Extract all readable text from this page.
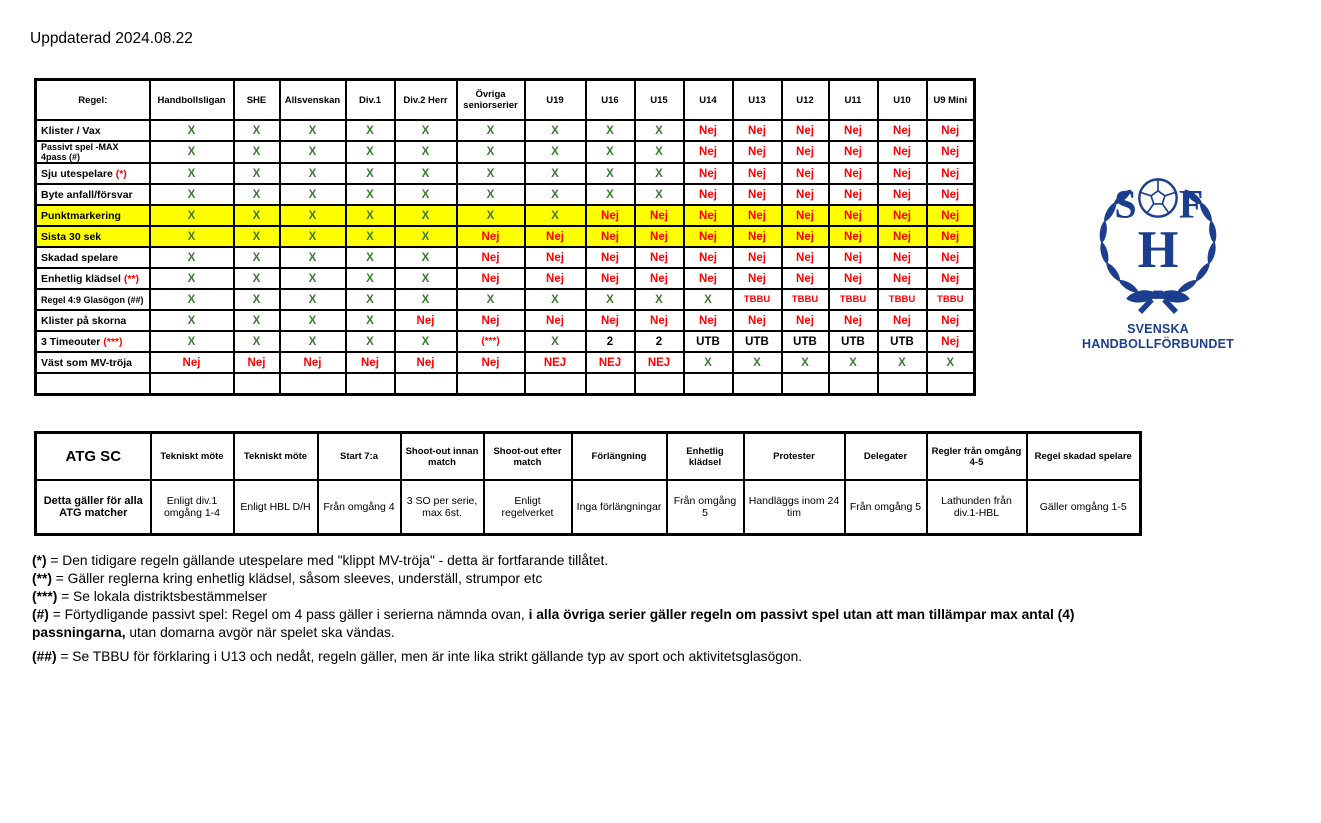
Uppdaterad 2024.08.22
Regel:	Handbollsligan	SHE	Allsvenskan	Div.1	Div.2 Herr	Övriga seniorserier	U19	U16	U15	U14	U13	U12	U11	U10	U9 Mini
Klister / Vax	X	X	X	X	X	X	X	X	X	Nej	Nej	Nej	Nej	Nej	Nej
Passivt spel -MAX 4pass (#)	X	X	X	X	X	X	X	X	X	Nej	Nej	Nej	Nej	Nej	Nej
Sju utespelare (*)	X	X	X	X	X	X	X	X	X	Nej	Nej	Nej	Nej	Nej	Nej
Byte anfall/försvar	X	X	X	X	X	X	X	X	X	Nej	Nej	Nej	Nej	Nej	Nej
Punktmarkering	X	X	X	X	X	X	X	Nej	Nej	Nej	Nej	Nej	Nej	Nej	Nej
Sista 30 sek	X	X	X	X	X	Nej	Nej	Nej	Nej	Nej	Nej	Nej	Nej	Nej	Nej
Skadad spelare	X	X	X	X	X	Nej	Nej	Nej	Nej	Nej	Nej	Nej	Nej	Nej	Nej
Enhetlig klädsel (**)	X	X	X	X	X	Nej	Nej	Nej	Nej	Nej	Nej	Nej	Nej	Nej	Nej
Regel 4:9 Glasögon (##)	X	X	X	X	X	X	X	X	X	X	TBBU	TBBU	TBBU	TBBU	TBBU
Klister på skorna	X	X	X	X	Nej	Nej	Nej	Nej	Nej	Nej	Nej	Nej	Nej	Nej	Nej
3 Timeouter (***)	X	X	X	X	X	(***)	X	2	2	UTB	UTB	UTB	UTB	UTB	Nej
Väst som MV-tröja	Nej	Nej	Nej	Nej	Nej	Nej	NEJ	NEJ	NEJ	X	X	X	X	X	X

ATG SC	Tekniskt möte	Tekniskt möte	Start 7:a	Shoot-out innan match	Shoot-out efter match	Förlängning	Enhetlig klädsel	Protester	Delegater	Regler från omgång 4-5	Regel skadad spelare
Detta gäller för alla ATG matcher	Enligt div.1 omgång 1-4	Enligt HBL D/H	Från omgång 4	3 SO per serie, max 6st.	Enligt regelverket	Inga förlängningar	Från omgång 5	Handläggs inom 24 tim	Från omgång 5	Lathunden från div.1-HBL	Gäller omgång 1-5
(*) = Den tidigare regeln gällande utespelare med "klippt MV-tröja" - detta är fortfarande tillåtet.
(**) = Gäller reglerna kring enhetlig klädsel, såsom sleeves, underställ, strumpor etc
(***) = Se lokala distriktsbestämmelser
(#) = Förtydligande passivt spel: Regel om 4 pass gäller i serierna nämnda ovan, i alla övriga serier gäller regeln om passivt spel utan att man tillämpar max antal (4) passningarna, utan domarna avgör när spelet ska vändas.
(##) = Se TBBU för förklaring i U13 och nedåt, regeln gäller, men är inte lika strikt gällande typ av sport och aktivitetsglasögon.
S F
H
SVENSKA
HANDBOLLFÖRBUNDET
